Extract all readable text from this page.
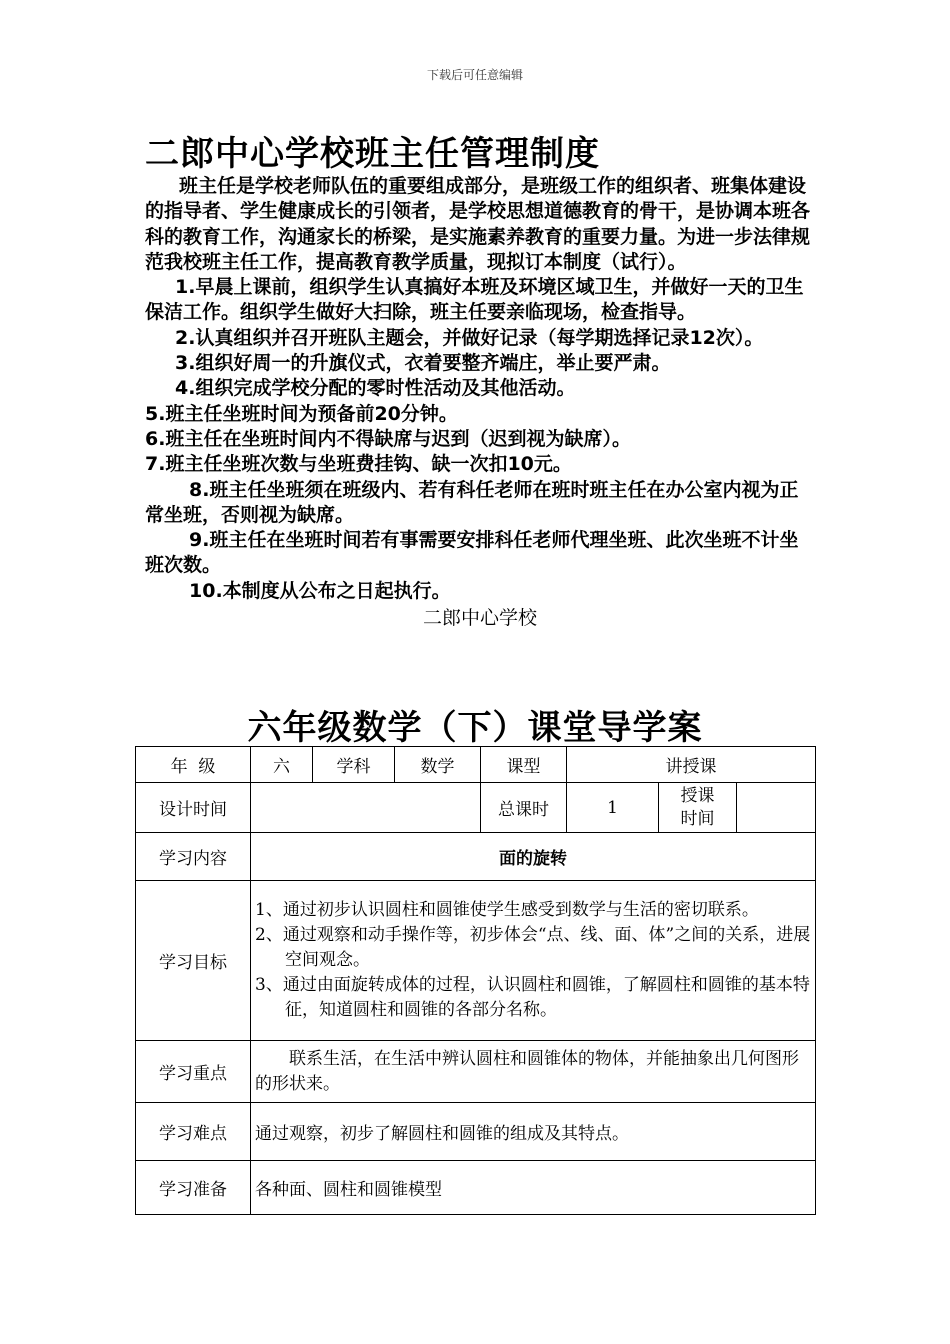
下载后可任意编辑
二郎中心学校班主任管理制度

班主任是学校老师队伍的重要组成部分，是班级工作的组织者、班集体建设的指导者、学生健康成长的引领者，是学校思想道德教育的骨干，是协调本班各科的教育工作，沟通家长的桥梁，是实施素养教育的重要力量。为进一步法律规范我校班主任工作，提高教育教学质量，现拟订本制度（试行）。

1.早晨上课前，组织学生认真搞好本班及环境区域卫生，并做好一天的卫生保洁工作。组织学生做好大扫除，班主任要亲临现场，检查指导。

2.认真组织并召开班队主题会，并做好记录（每学期选择记录12次）。

3.组织好周一的升旗仪式，衣着要整齐端庄，举止要严肃。

4.组织完成学校分配的零时性活动及其他活动。

5.班主任坐班时间为预备前20分钟。

6.班主任在坐班时间内不得缺席与迟到（迟到视为缺席）。

7.班主任坐班次数与坐班费挂钩、缺一次扣10元。

8.班主任坐班须在班级内、若有科任老师在班时班主任在办公室内视为正常坐班，否则视为缺席。

9.班主任在坐班时间若有事需要安排科任老师代理坐班、此次坐班不计坐班次数。

10.本制度从公布之日起执行。

二郎中心学校

六年级数学（下）课堂导学案
年  级	六	学科	数学	课型	讲授课		
设计时间				总课时	1	授课
时间	
学习内容	面的旋转						
学习目标	1、通过初步认识圆柱和圆锥使学生感受到数学与生活的密切联系。
2、通过观察和动手操作等，初步体会“点、线、面、体”之间的关系，进展空间观念。
3、通过由面旋转成体的过程，认识圆柱和圆锥，了解圆柱和圆锥的基本特征，知道圆柱和圆锥的各部分名称。						

学习重点	联系生活，在生活中辨认圆柱和圆锥体的物体，并能抽象出几何图形的形状来。						
学习难点	通过观察，初步了解圆柱和圆锥的组成及其特点。						
学习准备	各种面、圆柱和圆锥模型						
